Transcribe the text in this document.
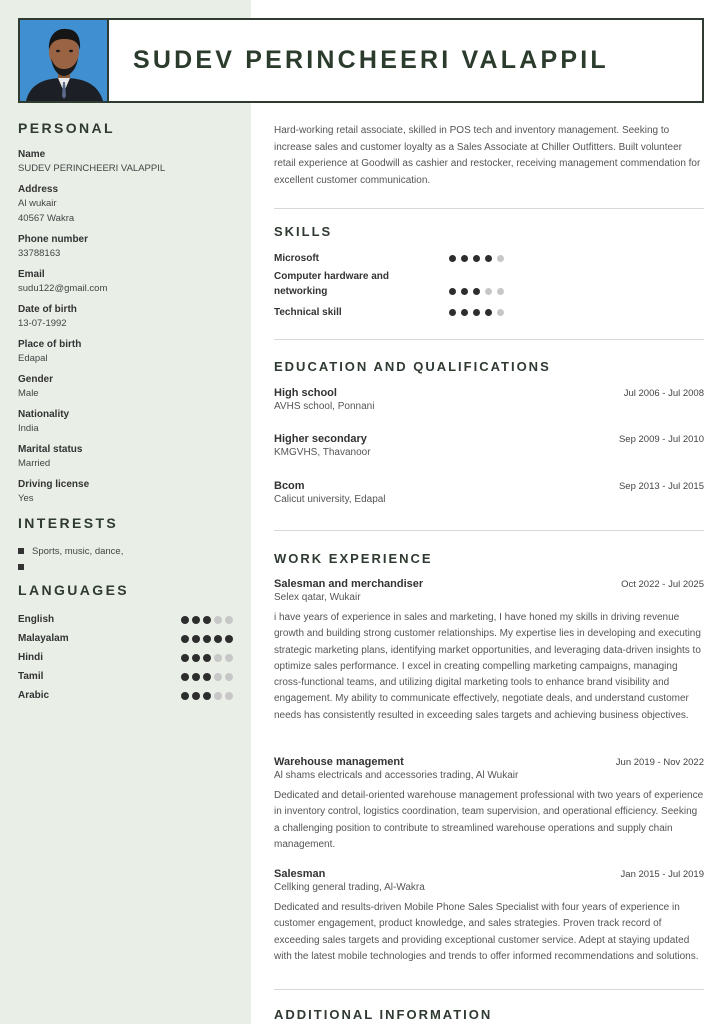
SUDEV PERINCHEERI VALAPPIL
PERSONAL
Name
SUDEV PERINCHEERI VALAPPIL
Address
Al wukair
40567 Wakra
Phone number
33788163
Email
sudu122@gmail.com
Date of birth
13-07-1992
Place of birth
Edapal
Gender
Male
Nationality
India
Marital status
Married
Driving license
Yes
INTERESTS
Sports, music, dance,
LANGUAGES
English
Malayalam
Hindi
Tamil
Arabic
Hard-working retail associate, skilled in POS tech and inventory management. Seeking to increase sales and customer loyalty as a Sales Associate at Chiller Outfitters. Built volunteer retail experience at Goodwill as cashier and restocker, receiving management commendation for excellent customer communication.
SKILLS
Microsoft
Computer hardware and networking
Technical skill
EDUCATION AND QUALIFICATIONS
High school	Jul 2006 - Jul 2008
AVHS school, Ponnani
Higher secondary	Sep 2009 - Jul 2010
KMGVHS, Thavanoor
Bcom	Sep 2013 - Jul 2015
Calicut university, Edapal
WORK EXPERIENCE
Salesman and merchandiser	Oct 2022 - Jul 2025
Selex qatar, Wukair
i have years of experience in sales and marketing, I have honed my skills in driving revenue growth and building strong customer relationships. My expertise lies in developing and executing strategic marketing plans, identifying market opportunities, and leveraging data-driven insights to optimize sales performance. I excel in creating compelling marketing campaigns, managing cross-functional teams, and utilizing digital marketing tools to enhance brand visibility and engagement. My ability to communicate effectively, negotiate deals, and understand customer needs has consistently resulted in exceeding sales targets and achieving business objectives.
Warehouse management	Jun 2019 - Nov 2022
Al shams electricals and accessories trading, Al Wukair
Dedicated and detail-oriented warehouse management professional with two years of experience in inventory control, logistics coordination, team supervision, and operational efficiency. Seeking a challenging position to contribute to streamlined warehouse operations and supply chain management.
Salesman	Jan 2015 - Jul 2019
Cellking general trading, Al-Wakra
Dedicated and results-driven Mobile Phone Sales Specialist with four years of experience in customer engagement, product knowledge, and sales strategies. Proven track record of exceeding sales targets and providing exceptional customer service. Adept at staying updated with the latest mobile technologies and trends to offer informed recommendations and solutions.
ADDITIONAL INFORMATION
